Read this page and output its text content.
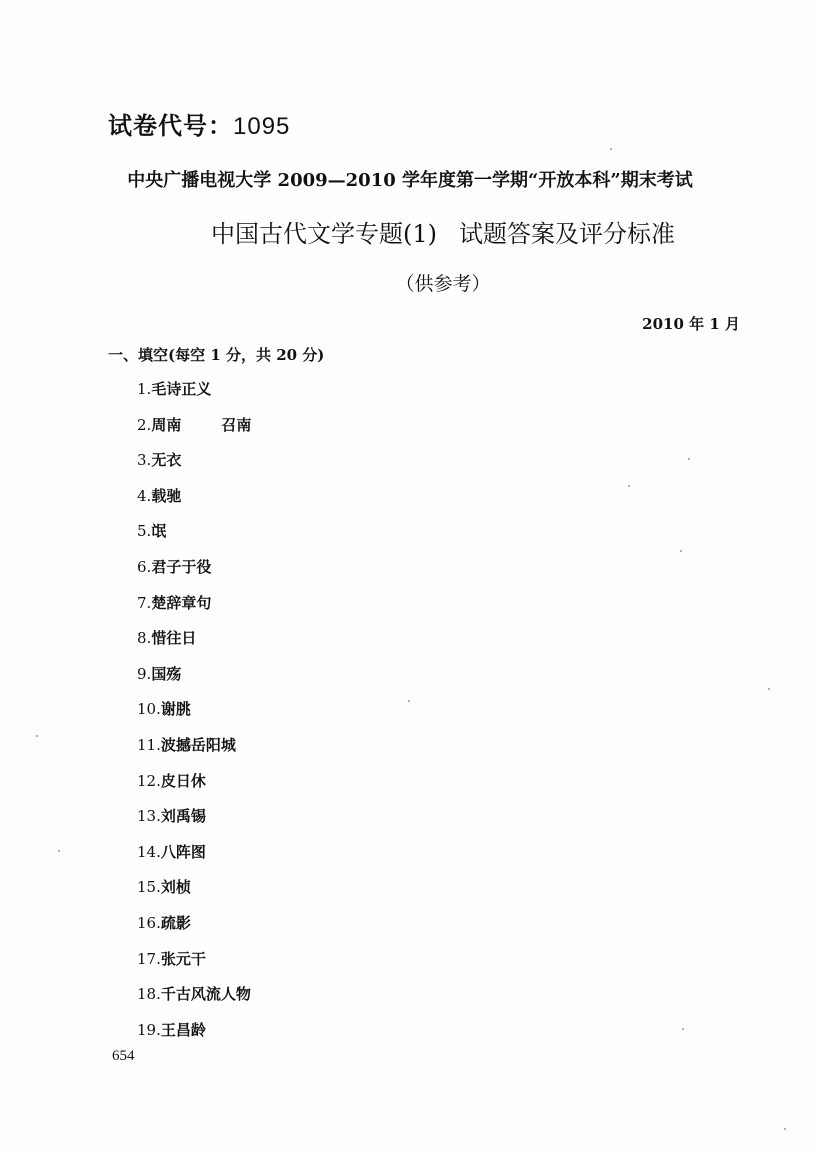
试卷代号：1095
中央广播电视大学 2009—2010 学年度第一学期“开放本科”期末考试
中国古代文学专题(1) 试题答案及评分标准
（供参考）
2010 年 1 月
一、填空(每空 1 分，共 20 分)
1.毛诗正义
2.周南	召南
3.无衣
4.载驰
5.氓
6.君子于役
7.楚辞章句
8.惜往日
9.国殇
10.谢朓
11.波撼岳阳城
12.皮日休
13.刘禹锡
14.八阵图
15.刘桢
16.疏影
17.张元干
18.千古风流人物
19.王昌龄
654
